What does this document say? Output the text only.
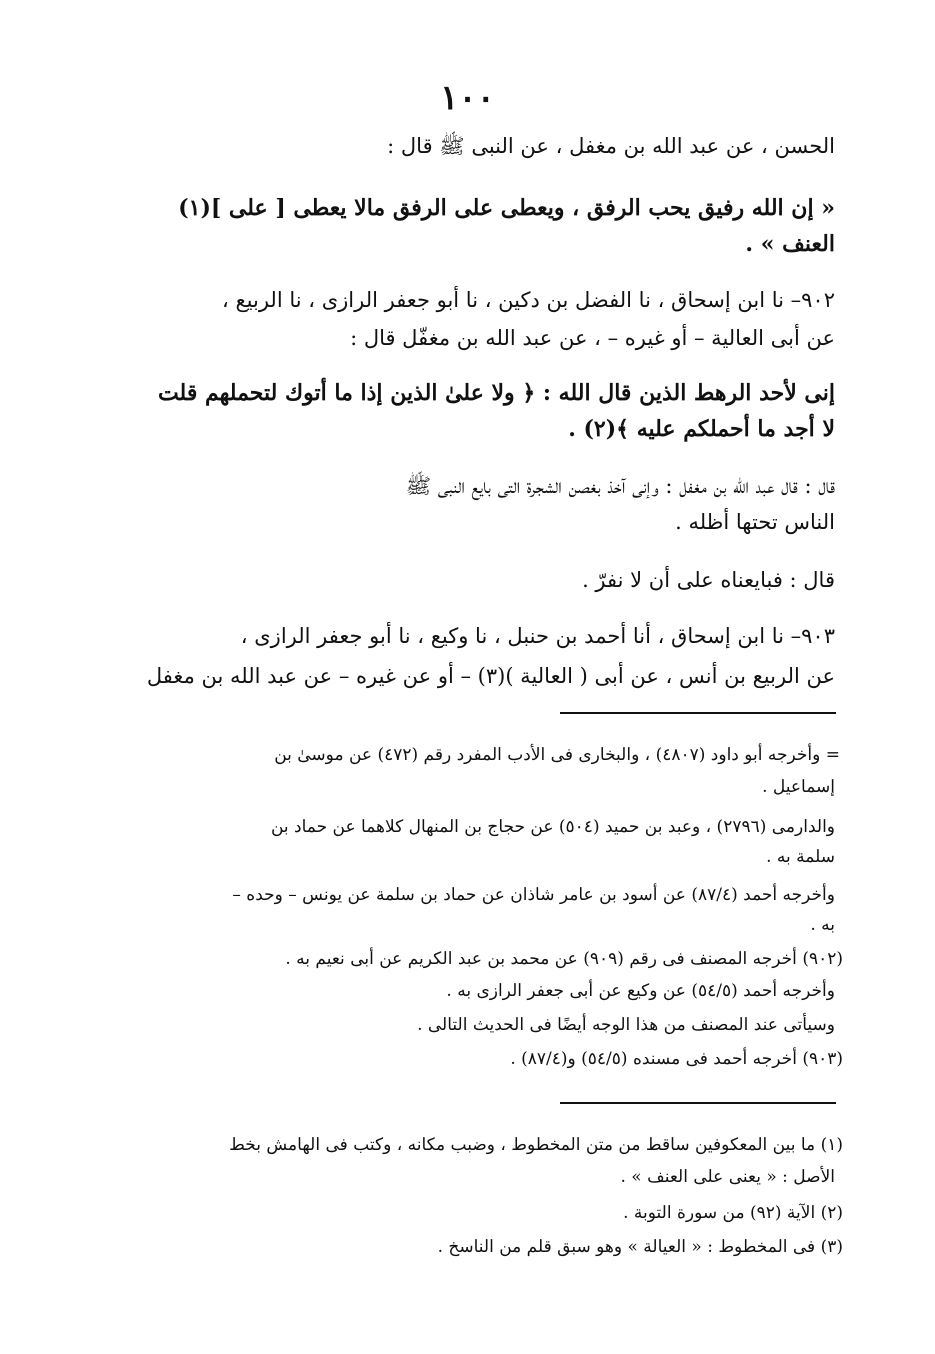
١٠٠
الحسن ، عن عبد الله بن مغفل ، عن النبى ﷺ قال :
« إن الله رفيق يحب الرفق ، ويعطى على الرفق مالا يعطى [ على ](١)
العنف » .
٩٠٢– نا ابن إسحاق ، نا الفضل بن دكين ، نا أبو جعفر الرازى ، نا الربيع ،
عن أبى العالية – أو غيره – ، عن عبد الله بن مغفّل قال :
إنى لأحد الرهط الذين قال الله : ﴿ ولا علىٰ الذين إذا ما أتوك لتحملهم قلت
لا أجد ما أحملكم عليه ﴾(٢) .
قال : قال عبد الله بن مغفل : وإنى آخذ بغصن الشجرة التى بايع النبى ﷺ
الناس تحتها أظله .
قال : فبايعناه على أن لا نفرّ .
٩٠٣– نا ابن إسحاق ، أنا أحمد بن حنبل ، نا وكيع ، نا أبو جعفر الرازى ،
عن الربيع بن أنس ، عن أبى ( العالية )(٣) – أو عن غيره – عن عبد الله بن مغفل
= وأخرجه أبو داود (٤٨٠٧) ، والبخارى فى الأدب المفرد رقم (٤٧٢) عن موسىٰ بن
إسماعيل .
والدارمى (٢٧٩٦) ، وعبد بن حميد (٥٠٤) عن حجاج بن المنهال كلاهما عن حماد بن
سلمة به .
وأخرجه أحمد (٨٧/٤) عن أسود بن عامر شاذان عن حماد بن سلمة عن يونس – وحده –
به .
(٩٠٢) أخرجه المصنف فى رقم (٩٠٩) عن محمد بن عبد الكريم عن أبى نعيم به .
وأخرجه أحمد (٥٤/٥) عن وكيع عن أبى جعفر الرازى به .
وسيأتى عند المصنف من هذا الوجه أيضًا فى الحديث التالى .
(٩٠٣) أخرجه أحمد فى مسنده (٥٤/٥) و(٨٧/٤) .
(١) ما بين المعكوفين ساقط من متن المخطوط ، وضبب مكانه ، وكتب فى الهامش بخط
الأصل : « يعنى على العنف » .
(٢) الآية (٩٢) من سورة التوبة .
(٣) فى المخطوط : « العيالة » وهو سبق قلم من الناسخ .
